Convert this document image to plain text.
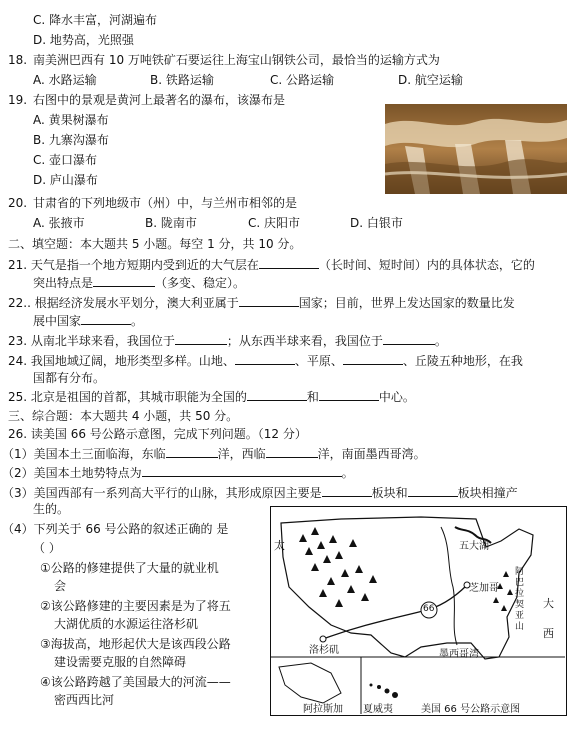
C. 降水丰富，河湖遍布
D. 地势高，光照强
18. 南美洲巴西有 10 万吨铁矿石要运往上海宝山钢铁公司，最恰当的运输方式为
A. 水路运输	B. 铁路运输	C. 公路运输	D. 航空运输
19. 右图中的景观是黄河上最著名的瀑布，该瀑布是
A. 黄果树瀑布
B. 九寨沟瀑布
C. 壶口瀑布
D. 庐山瀑布
20. 甘肃省的下列地级市（州）中，与兰州市相邻的是
A. 张掖市	B. 陇南市	C. 庆阳市	D. 白银市
二、填空题：本大题共 5 小题。每空 1 分，共 10 分。
21. 天气是指一个地方短期内受到近的大气层在	（长时间、短时间）内的具体状态，它的
突出特点是	（多变、稳定）。
22.. 根据经济发展水平划分，澳大利亚属于	国家；目前，世界上发达国家的数量比发
展中国家	。
23. 从南北半球来看，我国位于	；从东西半球来看，我国位于	。
24. 我国地域辽阔，地形类型多样。山地、	、平原、	、丘陵五种地形，在我
国都有分布。
25. 北京是祖国的首都，其城市职能为全国的	和	中心。
三、综合题：本大题共 4 小题，共 50 分。
26. 读美国 66 号公路示意图，完成下列问题。（12 分）
（1）美国本土三面临海，东临	洋，西临	洋，南面墨西哥湾。
（2）美国本土地势特点为	。
（3）美国西部有一系列高大平行的山脉，其形成原因主要是	板块和	板块相撞产
生的。
（4）下列关于 66 号公路的叙述正确的 是
（ ）
①公路的修建提供了大量的就业机
会
②该公路修建的主要因素是为了将五
大湖优质的水源运往洛杉矶
③海拔高，地形起伏大是该西段公路
建设需要克服的自然障碍
④该公路跨越了美国最大的河流——
密西西比河
太
大
西
五大湖
芝加哥
洛杉矶
66
墨西哥湾
阿 巴 拉 契 亚 山
阿拉斯加 夏威夷	美国 66 号公路示意图
